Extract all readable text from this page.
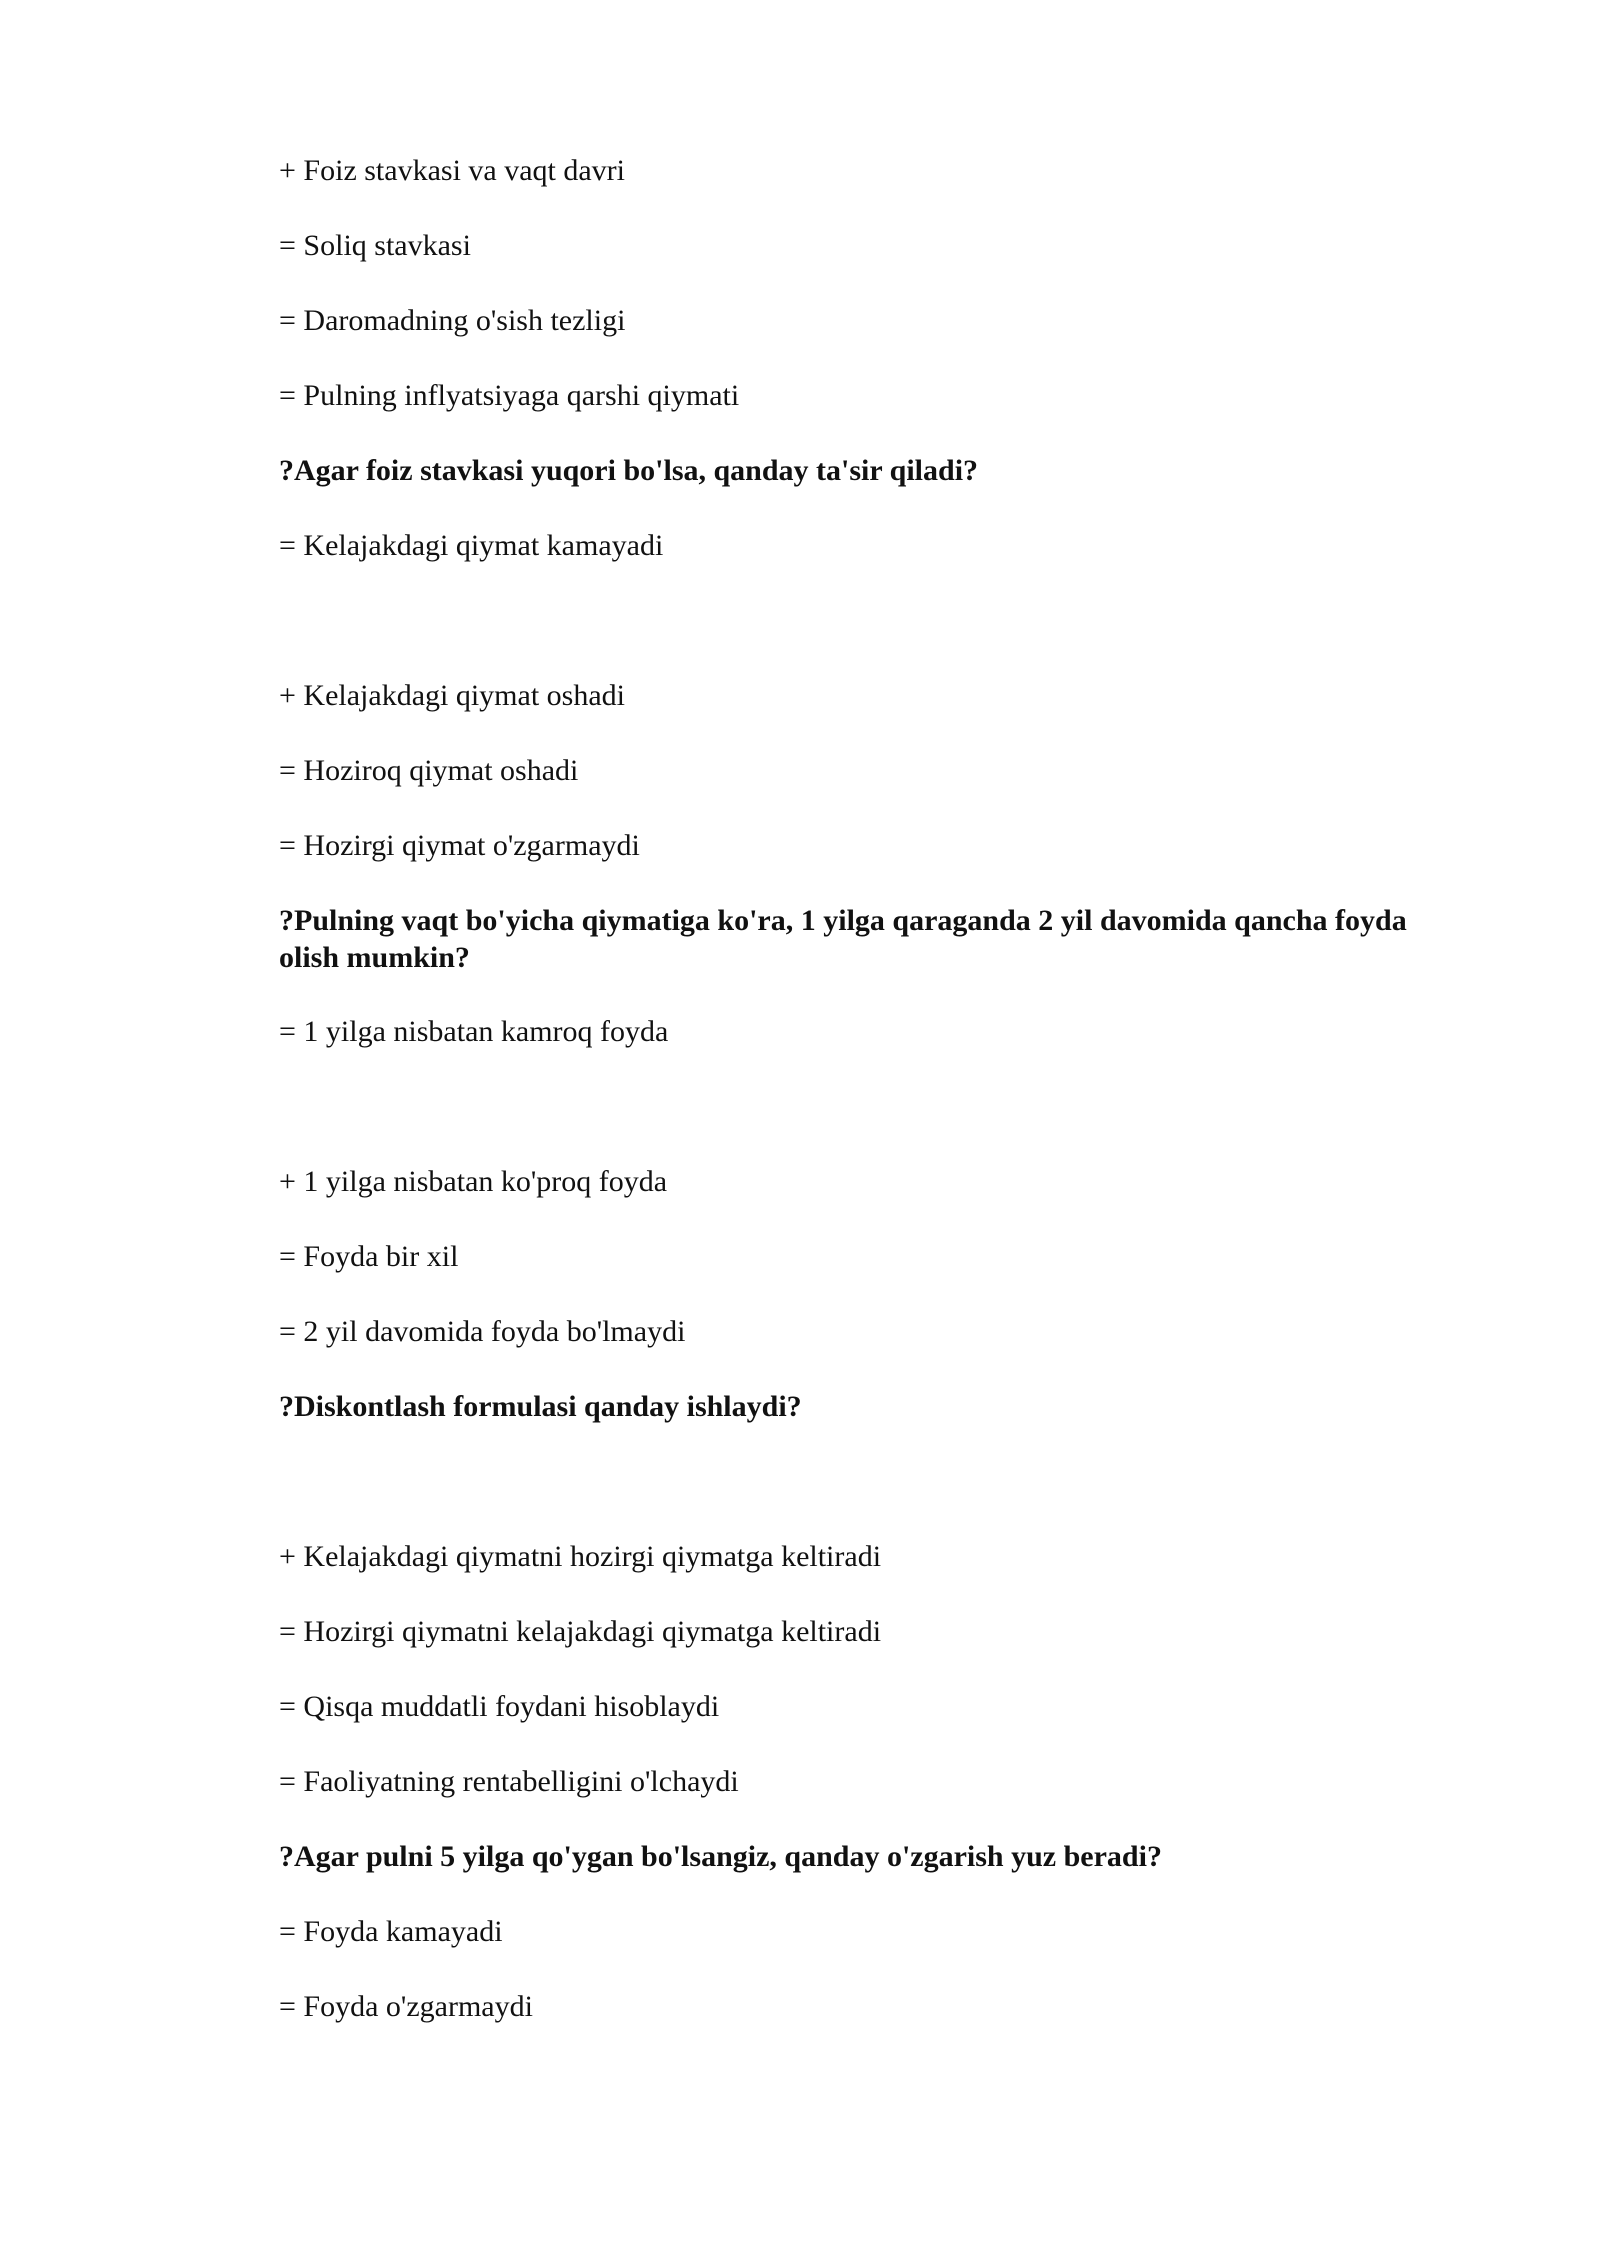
+ Foiz stavkasi va vaqt davri
= Soliq stavkasi
= Daromadning o'sish tezligi
= Pulning inflyatsiyaga qarshi qiymati
?Agar foiz stavkasi yuqori bo'lsa, qanday ta'sir qiladi?
= Kelajakdagi qiymat kamayadi
+ Kelajakdagi qiymat oshadi
= Hoziroq qiymat oshadi
= Hozirgi qiymat o'zgarmaydi
?Pulning vaqt bo'yicha qiymatiga ko'ra, 1 yilga qaraganda 2 yil davomida qancha foyda olish mumkin?
= 1 yilga nisbatan kamroq foyda
+ 1 yilga nisbatan ko'proq foyda
= Foyda bir xil
= 2 yil davomida foyda bo'lmaydi
?Diskontlash formulasi qanday ishlaydi?
+ Kelajakdagi qiymatni hozirgi qiymatga keltiradi
= Hozirgi qiymatni kelajakdagi qiymatga keltiradi
= Qisqa muddatli foydani hisoblaydi
= Faoliyatning rentabelligini o'lchaydi
?Agar pulni 5 yilga qo'ygan bo'lsangiz, qanday o'zgarish yuz beradi?
= Foyda kamayadi
= Foyda o'zgarmaydi
